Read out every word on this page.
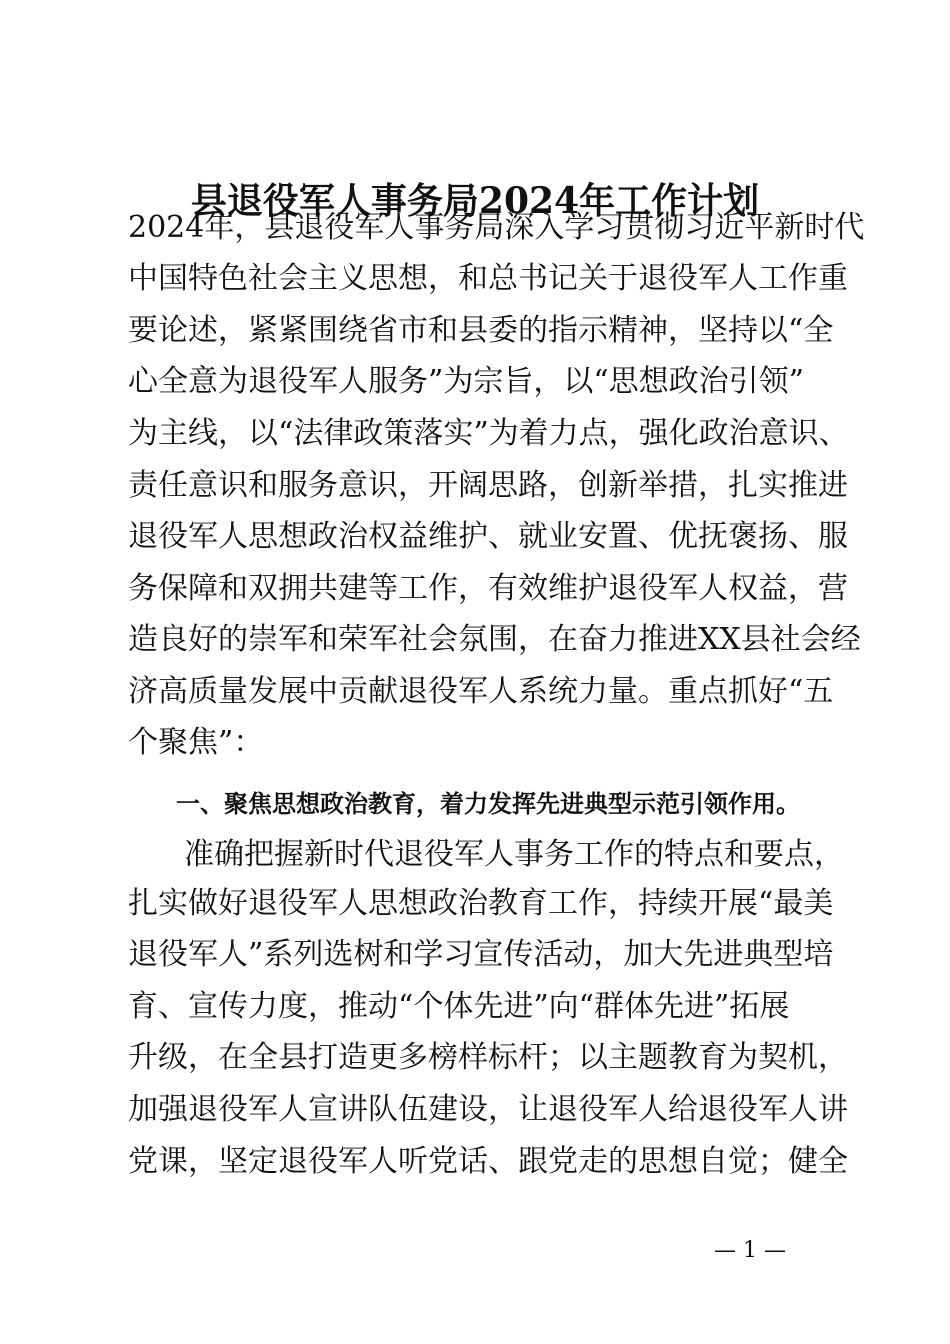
县退役军人事务局2024年工作计划
2024年，县退役军人事务局深入学习贯彻习近平新时代
中国特色社会主义思想，和总书记关于退役军人工作重
要论述，紧紧围绕省市和县委的指示精神，坚持以“全
心全意为退役军人服务”为宗旨，以“思想政治引领”
为主线，以“法律政策落实”为着力点，强化政治意识、
责任意识和服务意识，开阔思路，创新举措，扎实推进
退役军人思想政治权益维护、就业安置、优抚褒扬、服
务保障和双拥共建等工作，有效维护退役军人权益，营
造良好的崇军和荣军社会氛围，在奋力推进XX县社会经
济高质量发展中贡献退役军人系统力量。重点抓好“五
个聚焦”：
一、聚焦思想政治教育，着力发挥先进典型示范引领作用。
准确把握新时代退役军人事务工作的特点和要点，
扎实做好退役军人思想政治教育工作，持续开展“最美
退役军人”系列选树和学习宣传活动，加大先进典型培
育、宣传力度，推动“个体先进”向“群体先进”拓展
升级，在全县打造更多榜样标杆；以主题教育为契机，
加强退役军人宣讲队伍建设，让退役军人给退役军人讲
党课，坚定退役军人听党话、跟党走的思想自觉；健全
— 1 —
